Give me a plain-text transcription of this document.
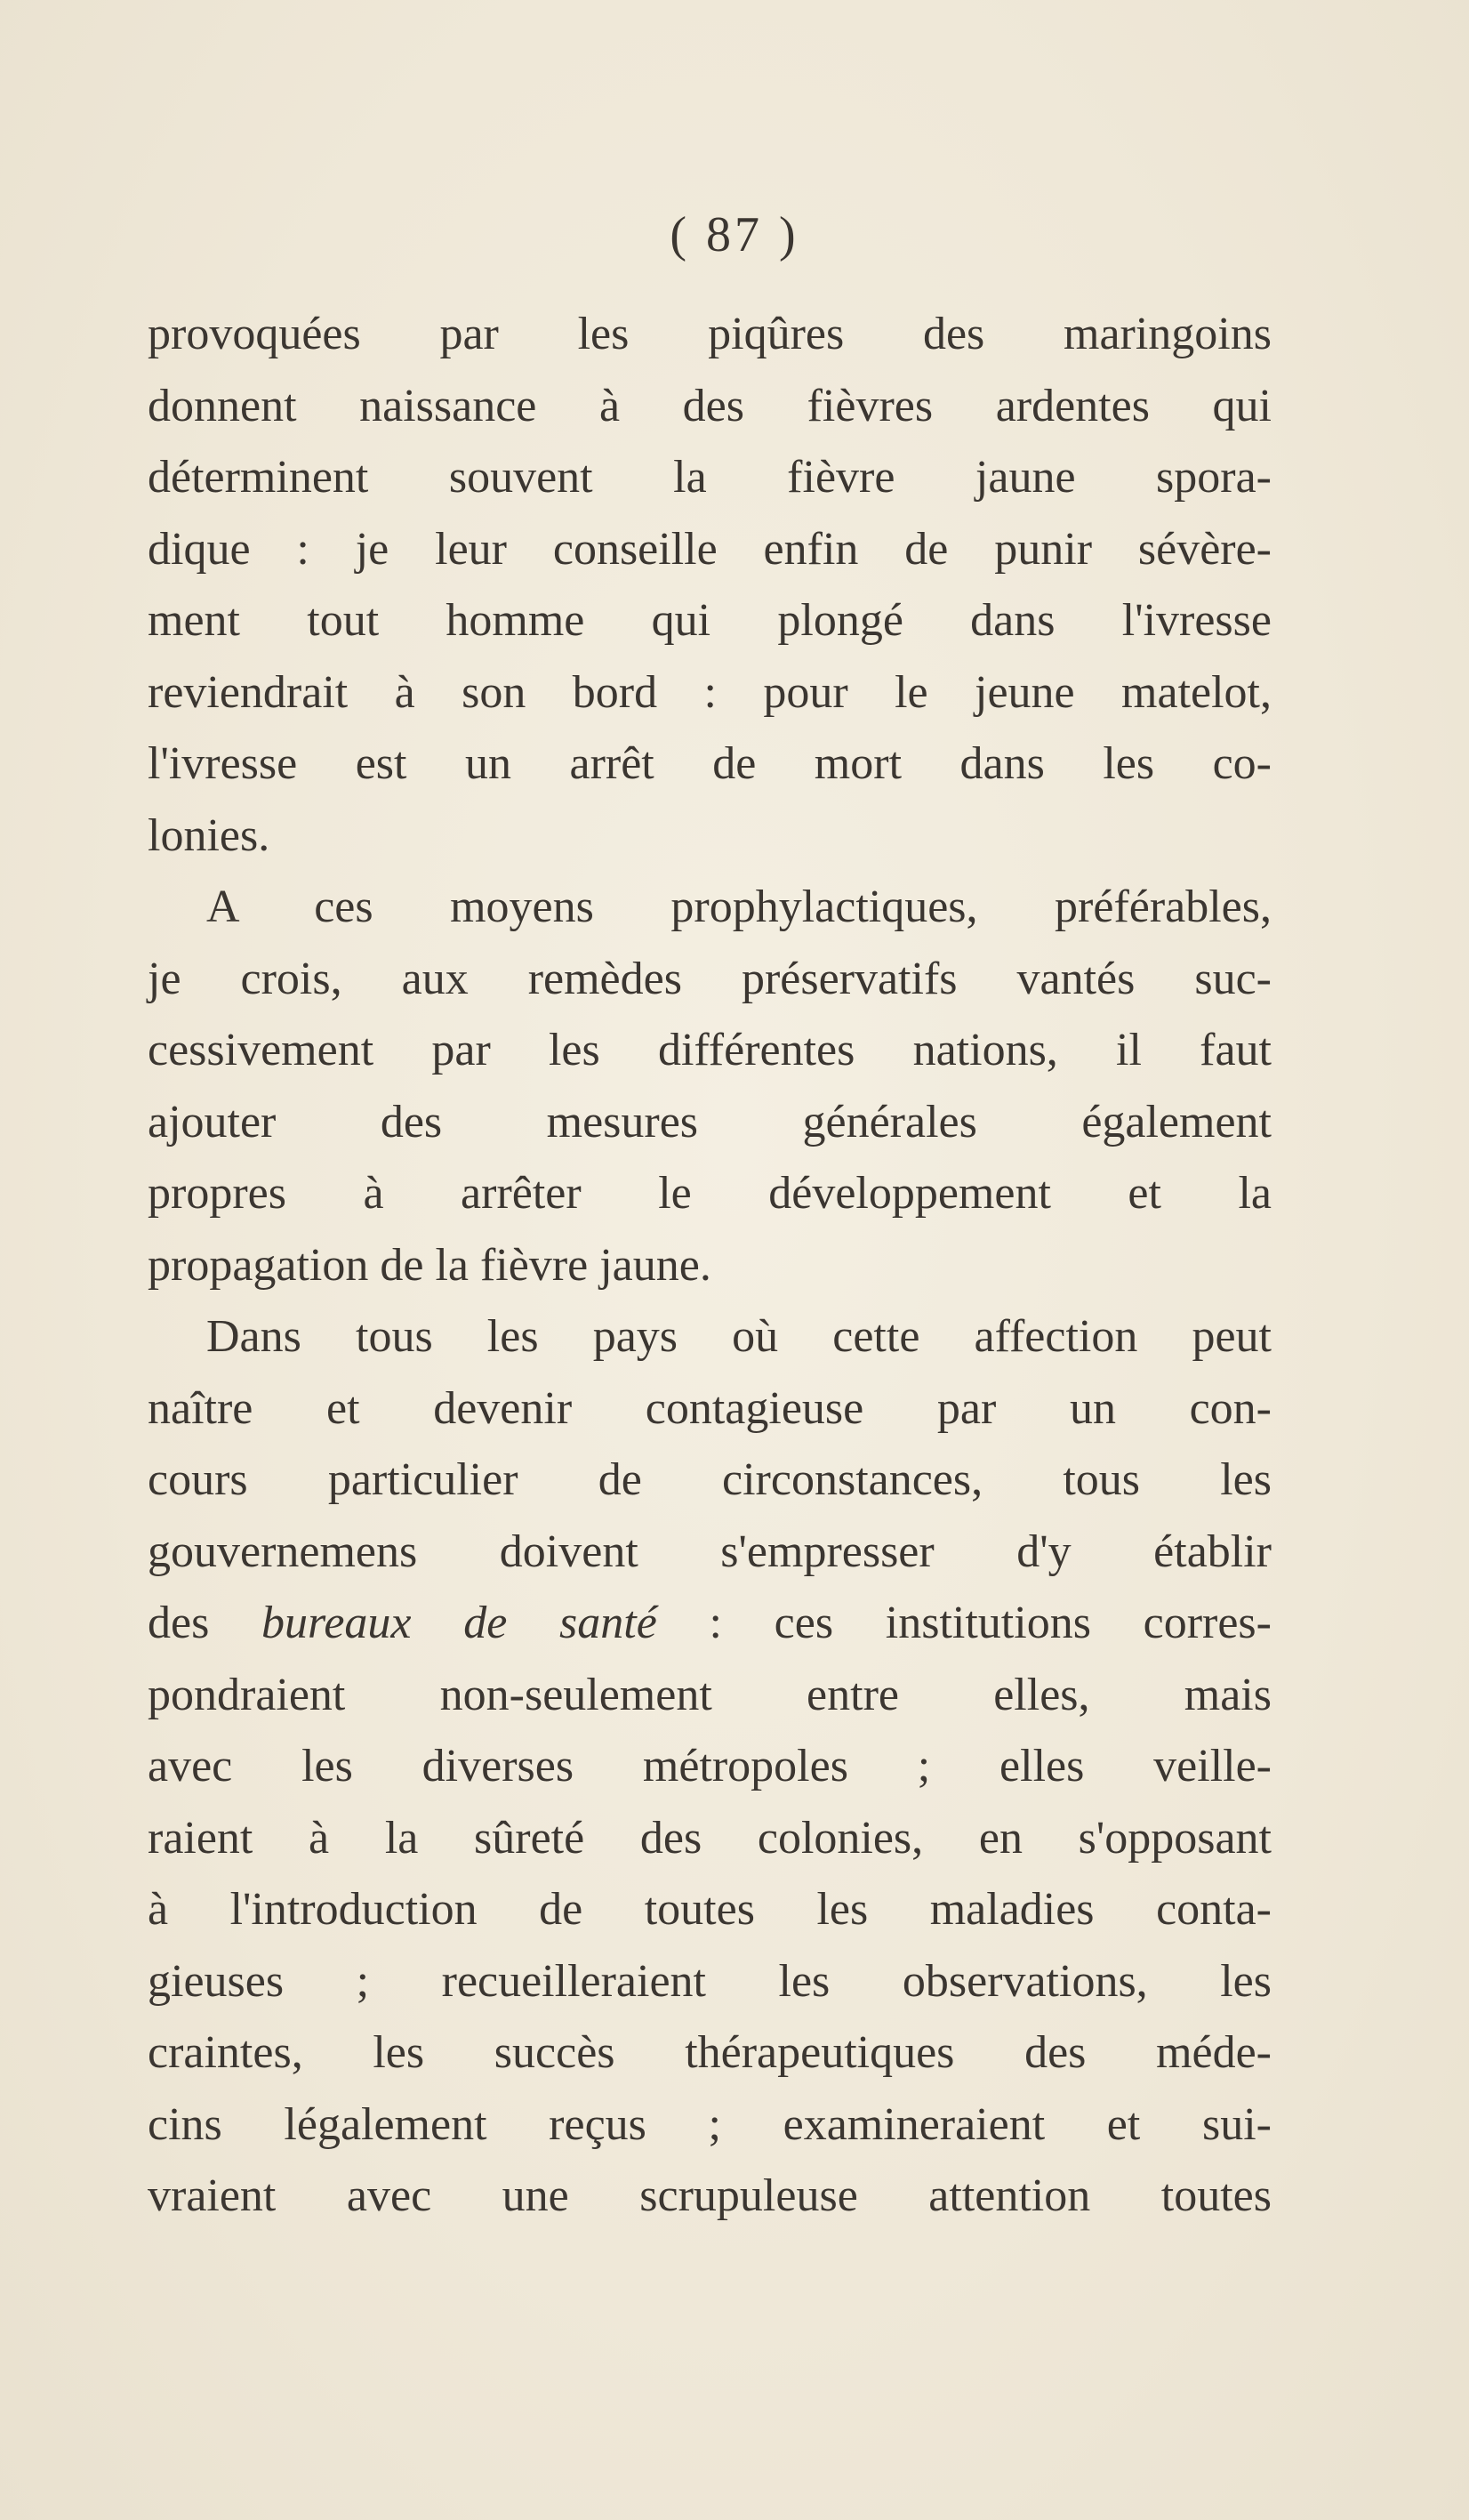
( 87 )
provoquées par les piqûres des maringoins
donnent naissance à des fièvres ardentes qui
déterminent souvent la fièvre jaune spora-
dique : je leur conseille enfin de punir sévère-
ment tout homme qui plongé dans l'ivresse
reviendrait à son bord : pour le jeune matelot,
l'ivresse est un arrêt de mort dans les co-
lonies.
A ces moyens prophylactiques, préférables,
je crois, aux remèdes préservatifs vantés suc-
cessivement par les différentes nations, il faut
ajouter des mesures générales également
propres à arrêter le développement et la
propagation de la fièvre jaune.
Dans tous les pays où cette affection peut
naître et devenir contagieuse par un con-
cours particulier de circonstances, tous les
gouvernemens doivent s'empresser d'y établir
des bureaux de santé : ces institutions corres-
pondraient non-seulement entre elles, mais
avec les diverses métropoles ; elles veille-
raient à la sûreté des colonies, en s'opposant
à l'introduction de toutes les maladies conta-
gieuses ; recueilleraient les observations, les
craintes, les succès thérapeutiques des méde-
cins légalement reçus ; examineraient et sui-
vraient avec une scrupuleuse attention toutes
